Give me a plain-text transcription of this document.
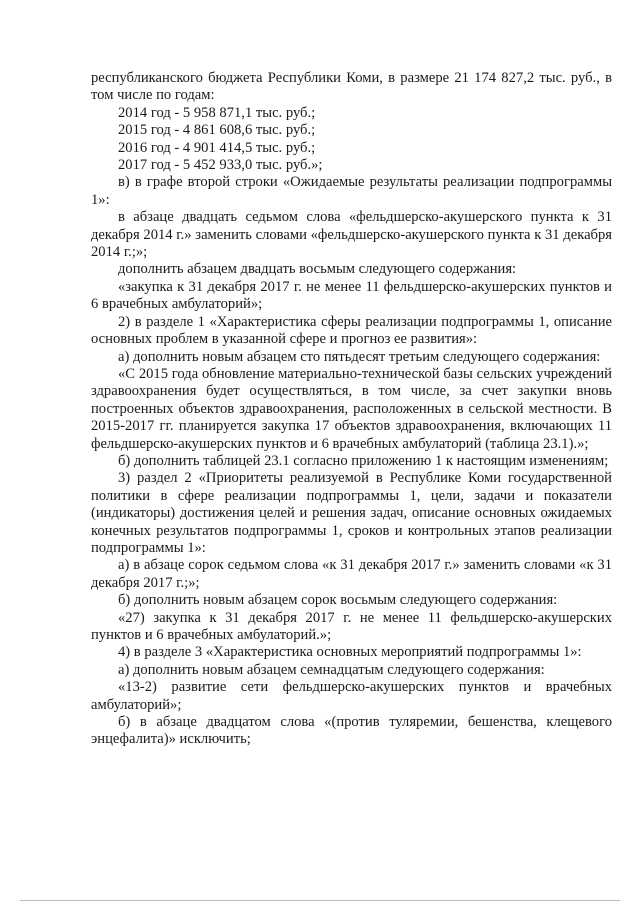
республиканского бюджета Республики Коми, в размере 21 174 827,2 тыс. руб., в том числе по годам:

2014 год - 5 958 871,1 тыс. руб.;

2015 год - 4 861 608,6 тыс. руб.;

2016 год - 4 901 414,5 тыс. руб.;

2017 год - 5 452 933,0 тыс. руб.»;

в) в графе второй строки «Ожидаемые результаты реализации подпрограммы 1»:

в абзаце двадцать седьмом слова «фельдшерско-акушерского пункта к 31 декабря 2014 г.» заменить словами «фельдшерско-акушерского пункта к 31 декабря 2014 г.;»;

дополнить абзацем двадцать восьмым следующего содержания:

«закупка к 31 декабря 2017 г. не менее 11 фельдшерско-акушерских пунктов и 6 врачебных амбулаторий»;

2) в разделе 1 «Характеристика сферы реализации подпрограммы 1, описание основных проблем в указанной сфере и прогноз ее развития»:

а) дополнить новым абзацем сто пятьдесят третьим следующего содержания:

«С 2015 года обновление материально-технической базы сельских учреждений здравоохранения будет осуществляться, в том числе, за счет закупки вновь построенных объектов здравоохранения, расположенных в сельской местности. В 2015-2017 гг. планируется закупка 17 объектов здравоохранения, включающих 11 фельдшерско-акушерских пунктов и 6 врачебных амбулаторий (таблица 23.1).»;

б) дополнить таблицей 23.1 согласно приложению 1 к настоящим изменениям;

3) раздел 2 «Приоритеты реализуемой в Республике Коми государственной политики в сфере реализации подпрограммы 1, цели, задачи и показатели (индикаторы) достижения целей и решения задач, описание основных ожидаемых конечных результатов подпрограммы 1, сроков и контрольных этапов реализации подпрограммы 1»:

а) в абзаце сорок седьмом слова «к 31 декабря 2017 г.» заменить словами «к 31 декабря 2017 г.;»;

б) дополнить новым абзацем сорок восьмым следующего содержания:

«27) закупка к 31 декабря 2017 г. не менее 11 фельдшерско-акушерских пунктов и 6 врачебных амбулаторий.»;

4) в разделе 3 «Характеристика основных мероприятий подпрограммы 1»:

а) дополнить новым абзацем семнадцатым следующего содержания:

«13-2) развитие сети фельдшерско-акушерских пунктов и врачебных амбулаторий»;

б) в абзаце двадцатом слова «(против туляремии, бешенства, клещевого энцефалита)» исключить;
